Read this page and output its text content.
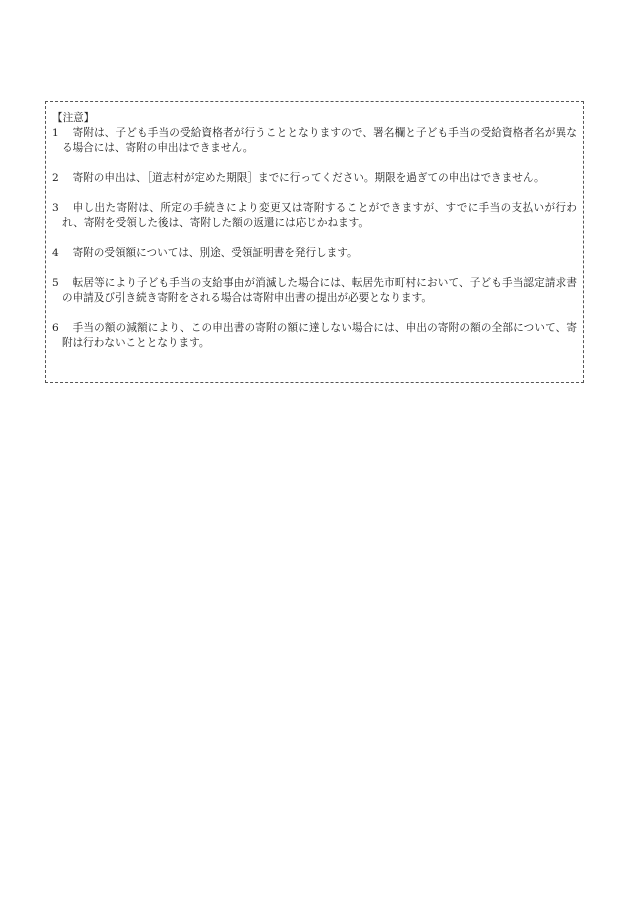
【注意】
1	寄附は、子ども手当の受給資格者が行うこととなりますので、署名欄と子ども手当の受給資格者名が異なる場合には、寄附の申出はできません。
2	寄附の申出は、［道志村が定めた期限］までに行ってください。期限を過ぎての申出はできません。
3	申し出た寄附は、所定の手続きにより変更又は寄附することができますが、すでに手当の支払いが行われ、寄附を受領した後は、寄附した額の返還には応じかねます。
4	寄附の受領額については、別途、受領証明書を発行します。
5	転居等により子ども手当の支給事由が消滅した場合には、転居先市町村において、子ども手当認定請求書の申請及び引き続き寄附をされる場合は寄附申出書の提出が必要となります。
6	手当の額の減額により、この申出書の寄附の額に達しない場合には、申出の寄附の額の全部について、寄附は行わないこととなります。
